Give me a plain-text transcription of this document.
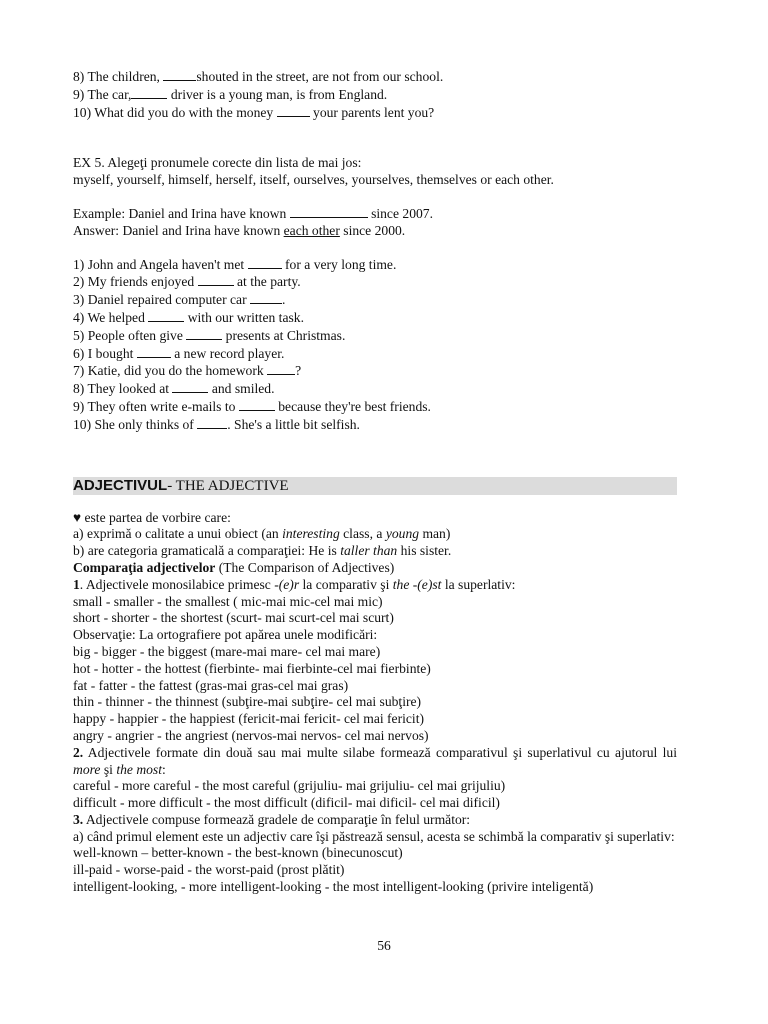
8) The children, shouted in the street, are not from our school.
9) The car,	driver is a young man, is from England.
10) What did you do with the money  your parents lent you?
EX 5. Alegeţi pronumele corecte din lista de mai jos:
myself, yourself, himself, herself, itself, ourselves, yourselves, themselves or each other.
Example: Daniel and Irina have known	since 2007.
Answer: Daniel and Irina have known each other since 2000.
1) John and Angela haven't met	for a very long time.
2) My friends enjoyed	at the party.
3) Daniel repaired computer car .
4) We helped	with our written task.
5) People often give	presents at Christmas.
6) I bought	a new record player.
7) Katie, did you do the homework ?
8) They looked at	and smiled.
9) They often write e-mails to	because they're best friends.
10) She only thinks of . She's a little bit selfish.
ADJECTIVUL- THE ADJECTIVE
♥ este partea de vorbire care:
a) exprimă o calitate a unui obiect (an interesting class, a young man)
b) are categoria gramaticală a comparaţiei: He is taller than his sister.
Comparaţia adjectivelor (The Comparison of Adjectives)
1. Adjectivele monosilabice primesc -(e)r la comparativ şi the -(e)st la superlativ:
small - smaller - the smallest ( mic-mai mic-cel mai mic)
short - shorter - the shortest (scurt- mai scurt-cel mai scurt)
Observaţie: La ortografiere pot apărea unele modificări:
big - bigger - the biggest (mare-mai mare- cel mai mare)
hot - hotter - the hottest (fierbinte- mai fierbinte-cel mai fierbinte)
fat - fatter - the fattest (gras-mai gras-cel mai gras)
thin - thinner - the thinnest (subţire-mai subţire- cel mai subţire)
happy - happier - the happiest (fericit-mai fericit- cel mai fericit)
angry - angrier - the angriest (nervos-mai nervos- cel mai nervos)
2. Adjectivele formate din două sau mai multe silabe formează comparativul şi superlativul cu ajutorul lui more şi the most:
careful - more careful - the most careful (grijuliu- mai grijuliu- cel mai grijuliu)
difficult - more difficult - the most difficult (dificil- mai dificil- cel mai dificil)
3. Adjectivele compuse formează gradele de comparaţie în felul următor:
a) când primul element este un adjectiv care îşi păstrează sensul, acesta se schimbă la comparativ şi superlativ:
well-known – better-known - the best-known (binecunoscut)
ill-paid - worse-paid - the worst-paid (prost plătit)
intelligent-looking, - more intelligent-looking - the most intelligent-looking (privire inteligentă)
56
